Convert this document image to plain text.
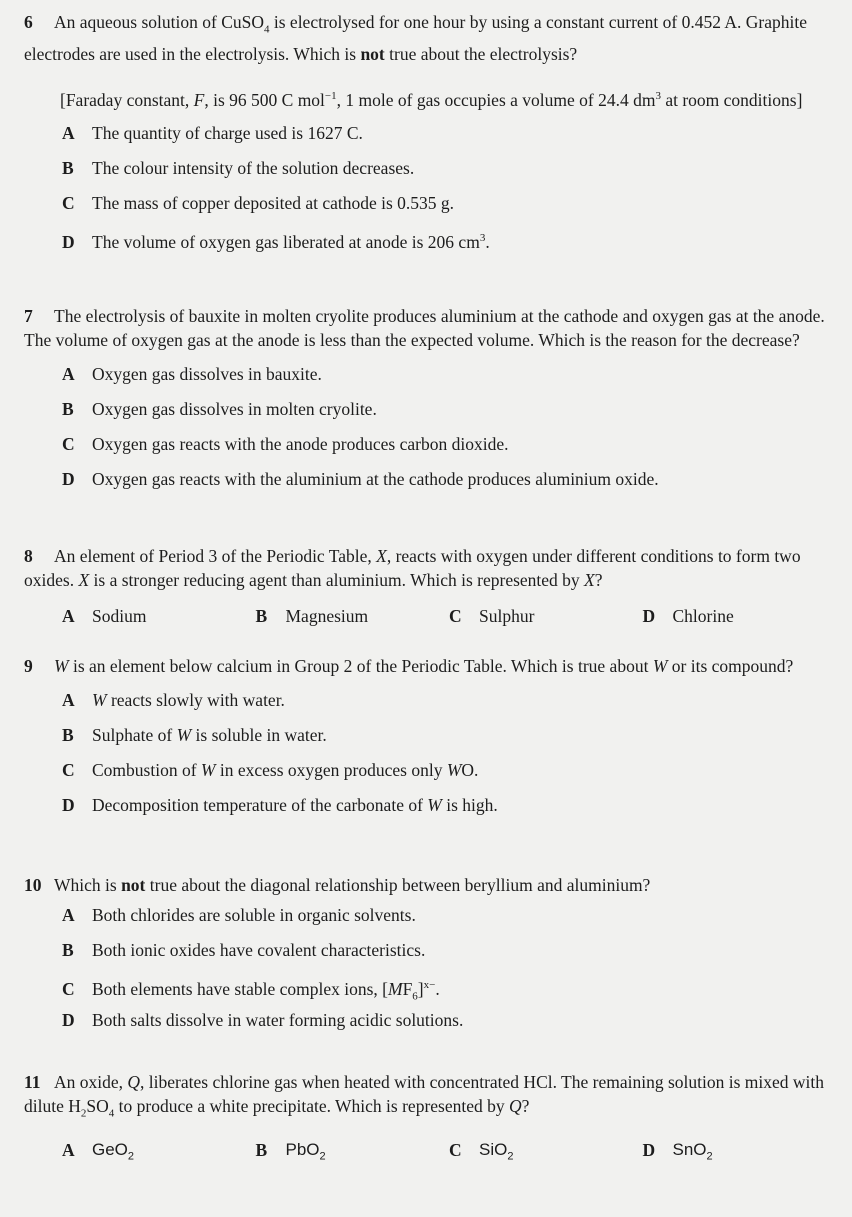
6 An aqueous solution of CuSO$_4$ is electrolysed for one hour by using a constant current of 0.452 A. Graphite electrodes are used in the electrolysis. Which is not true about the electrolysis?

[Faraday constant, F, is 96 500 C mol$^{-1}$, 1 mole of gas occupies a volume of 24.4 $dm^3$ at room conditions]

A The quantity of charge used is 1627 C.
B	The colour intensity of the solution decreases.
C The mass of copper deposited at cathode is 0.535 g.
D The volume of oxygen gas liberated at anode is 206 $cm^3$.

7 The electrolysis of bauxite in molten cryolite produces aluminium at the cathode and oxygen gas at the anode. The volume of oxygen gas at the anode is less than the expected volume. Which is the reason for the decrease?

A Oxygen gas dissolves in bauxite.
B	Oxygen gas dissolves in molten cryolite.
C Oxygen gas reacts with the anode produces carbon dioxide.
D Oxygen gas reacts with the aluminium at the cathode produces aluminium oxide.

8 An element of Period 3 of the Periodic Table, X, reacts with oxygen under different conditions to form two oxides. X is a stronger reducing agent than aluminium. Which is represented by X?

A Sodium	B	Magnesium	C Sulphur	D Chlorine

9 W is an element below calcium in Group 2 of the Periodic Table. Which is true about W or its compound?

A W reacts slowly with water.
B	Sulphate of W is soluble in water.
C Combustion of W in excess oxygen produces only WO.
D Decomposition temperature of the carbonate of W is high.

10 Which is not true about the diagonal relationship between beryllium and aluminium?

A Both chlorides are soluble in organic solvents.
B	Both ionic oxides have covalent characteristics.
C Both elements have stable complex ions, $[MF_6]^{x-}$.
D Both salts dissolve in water forming acidic solutions.

11 An oxide, Q, liberates chlorine gas when heated with concentrated HCl. The remaining solution is mixed with dilute $H_2SO_4$ to produce a white precipitate. Which is represented by Q?

A	GeO$_2$	B	PbO$_2$	C	SiO$_2$	D	SnO$_2$
